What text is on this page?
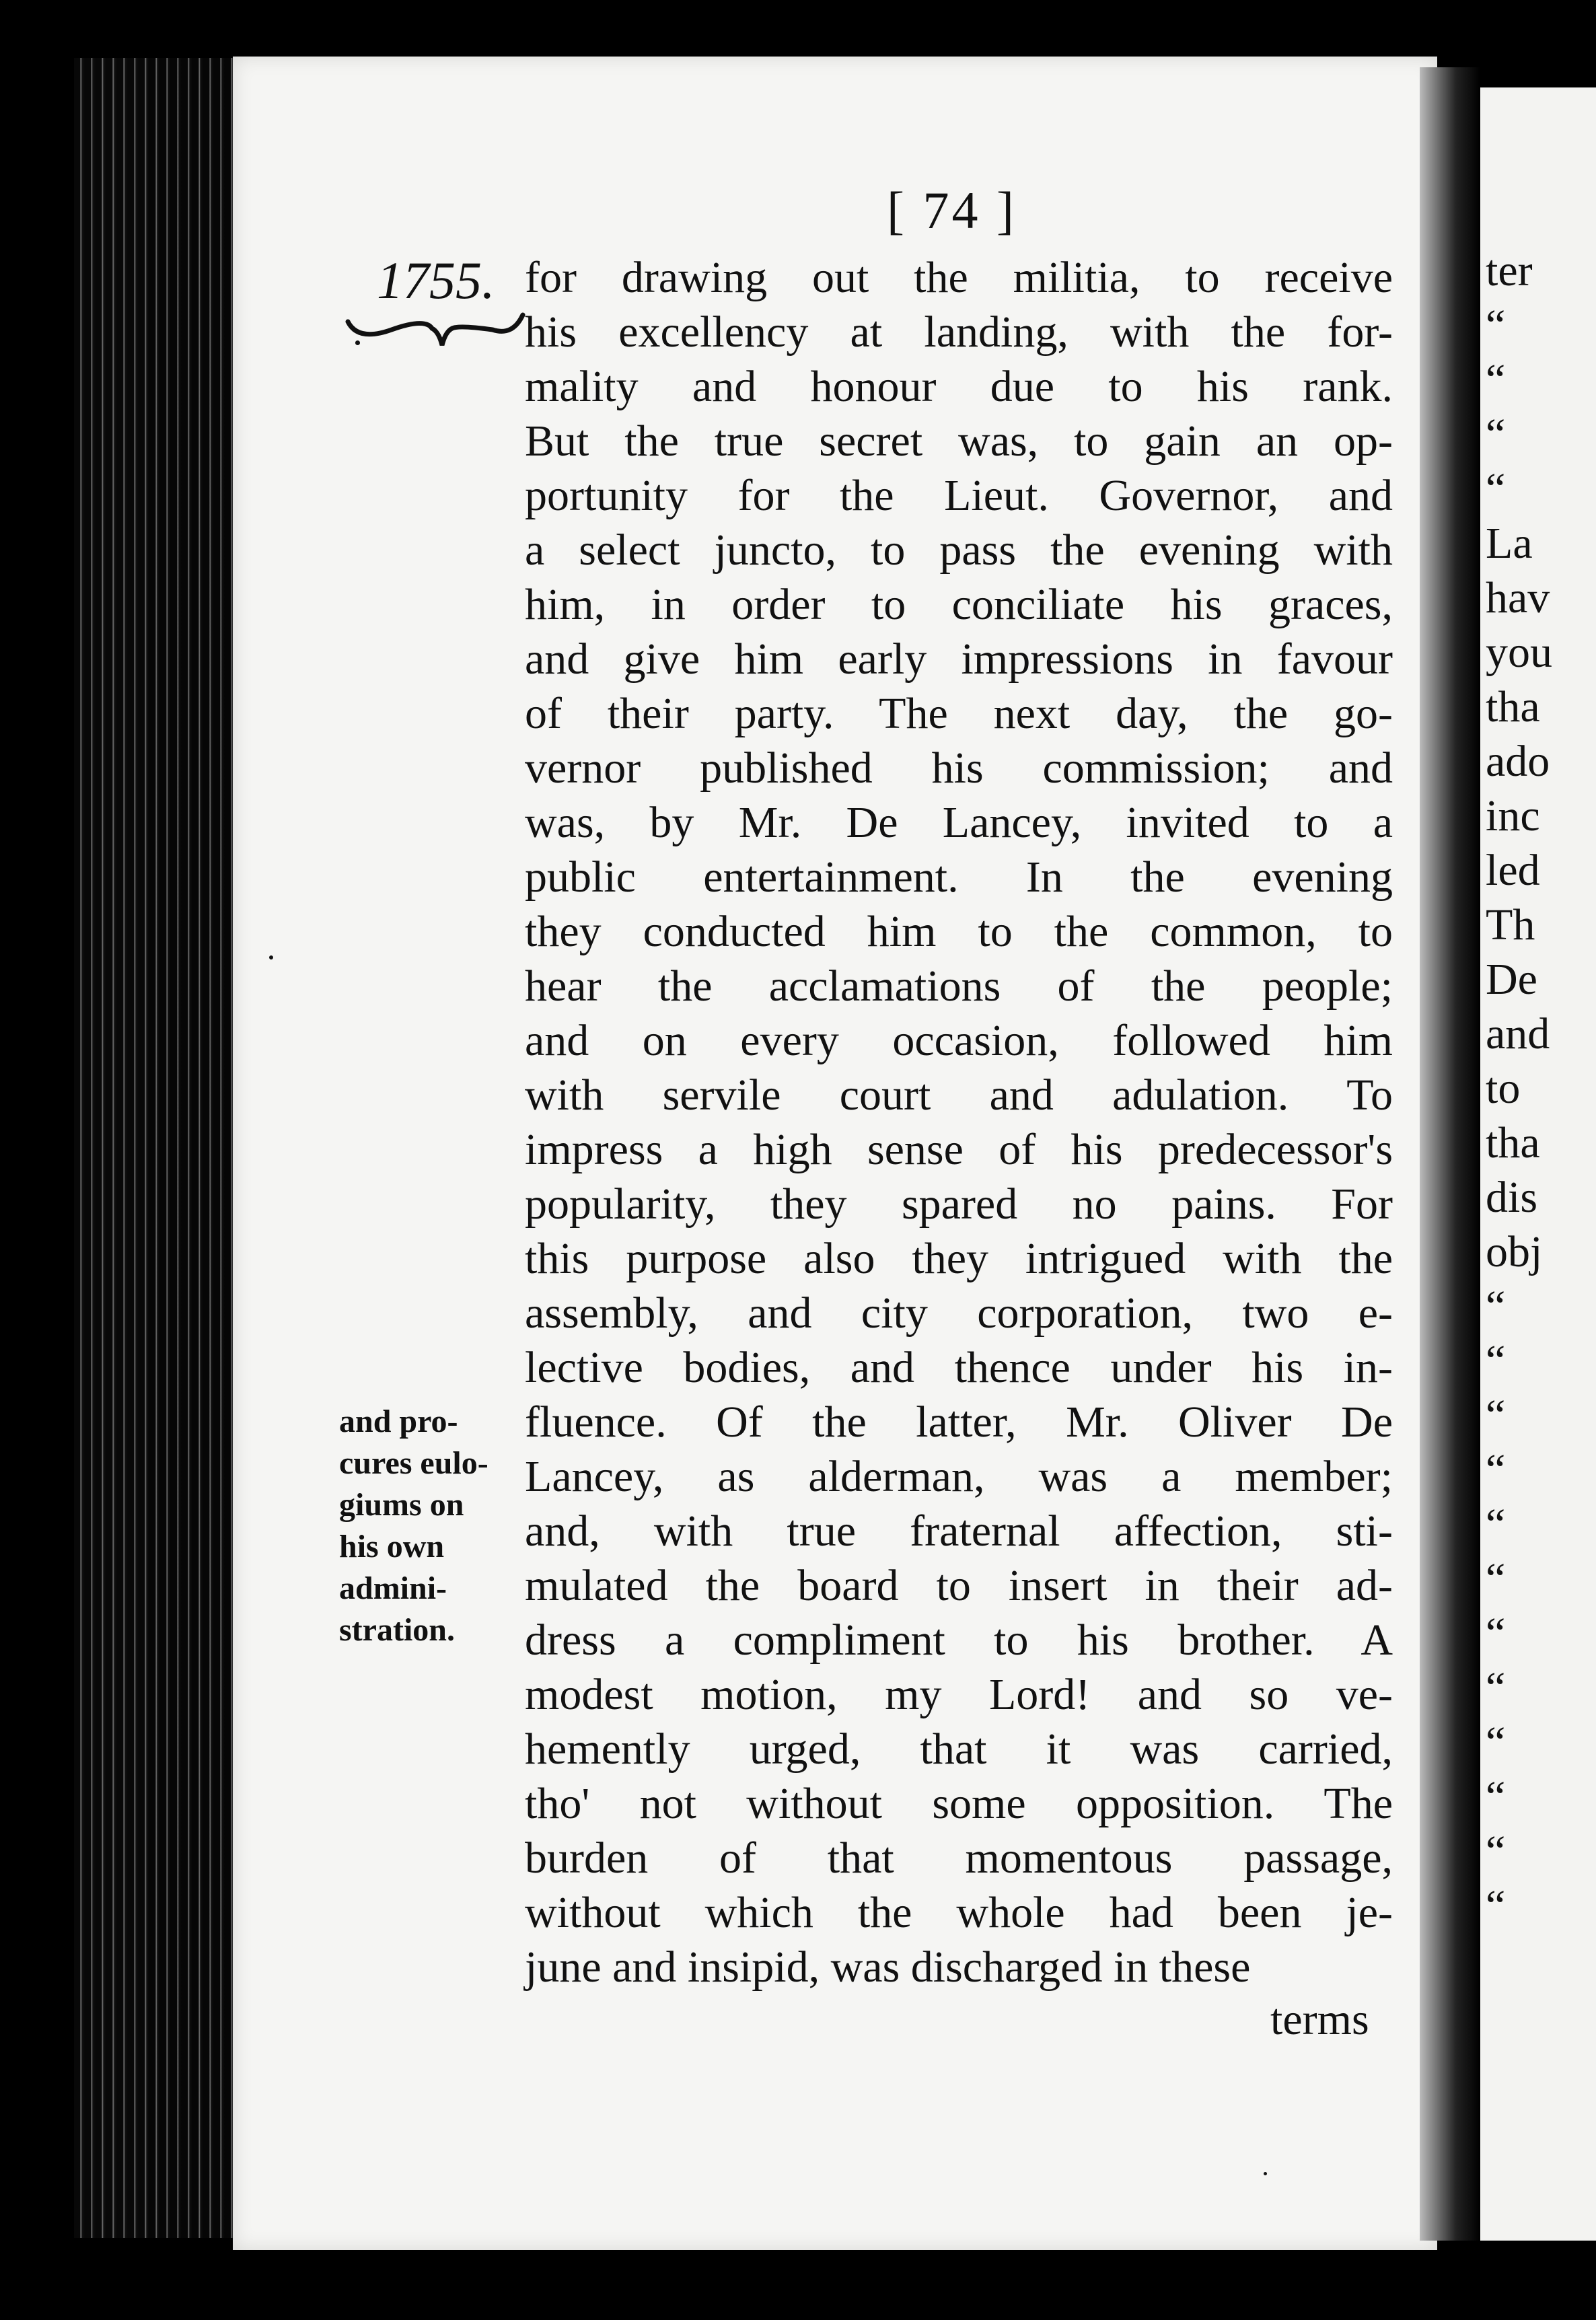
ter
“
“
“
“
La
hav
you
tha
ado
inc
led
Th
De
and
to
tha
dis
obj
“
“
“
“
“
“
“
“
“
“
“
“
[ 74 ]
1755. for drawing out the militia, to receive
his excellency at landing, with the for-
mality and honour due to his rank.
But the true secret was, to gain an op-
portunity for the Lieut. Governor, and
a select juncto, to pass the evening with
him, in order to conciliate his graces,
and give him early impressions in favour
of their party. The next day, the go-
vernor published his commission; and
was, by Mr. De Lancey, invited to a
public entertainment. In the evening
they conducted him to the common, to
hear the acclamations of the people;
and on every occasion, followed him
with servile court and adulation. To
impress a high sense of his predecessor's
popularity, they spared no pains. For
this purpose also they intrigued with the
assembly, and city corporation, two e-
lective bodies, and thence under his in-
fluence. Of the latter, Mr. Oliver De
Lancey, as alderman, was a member;
and, with true fraternal affection, sti-
mulated the board to insert in their ad-
dress a compliment to his brother. A
modest motion, my Lord! and so ve-
hemently urged, that it was carried,
tho' not without some opposition. The
burden of that momentous passage,
without which the whole had been je-
june and insipid, was discharged in these
terms
and pro-
cures eulo-
giums on
his own
admini-
stration.
